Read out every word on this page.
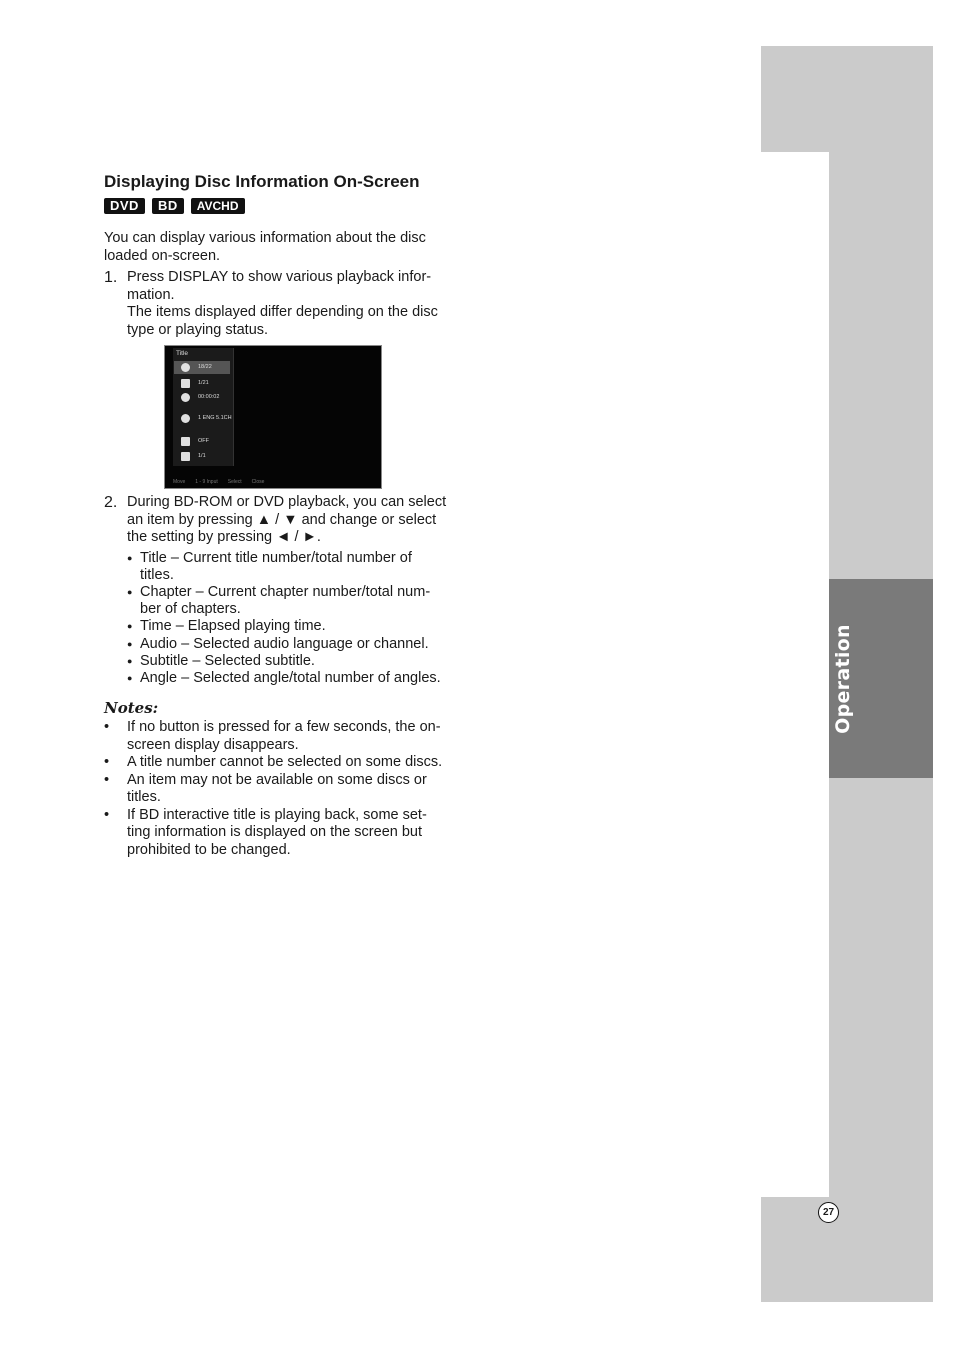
Operation
27
Displaying Disc Information On-Screen
DVD	BD	AVCHD

You can display various information about the disc loaded on-screen.

1. Press DISPLAY to show various playback infor-mation.

The items displayed differ depending on the disc type or playing status.

Title
18/22
1/21
00:00:02
1 ENG 5.1CH
OFF
1/1
Move 1 - 9 Input Select Close
2. During BD-ROM or DVD playback, you can select an item by pressing ▲ / ▼ and change or select the setting by pressing ◄ / ►.

● Title – Current title number/total number of titles.
● Chapter – Current chapter number/total num-ber of chapters.
● Time – Elapsed playing time.
● Audio – Selected audio language or channel.
● Subtitle – Selected subtitle.
● Angle – Selected angle/total number of angles.
Notes:
• If no button is pressed for a few seconds, the on-screen display disappears.
• A title number cannot be selected on some discs.
• An item may not be available on some discs or titles.
• If BD interactive title is playing back, some set-ting information is displayed on the screen but prohibited to be changed.
